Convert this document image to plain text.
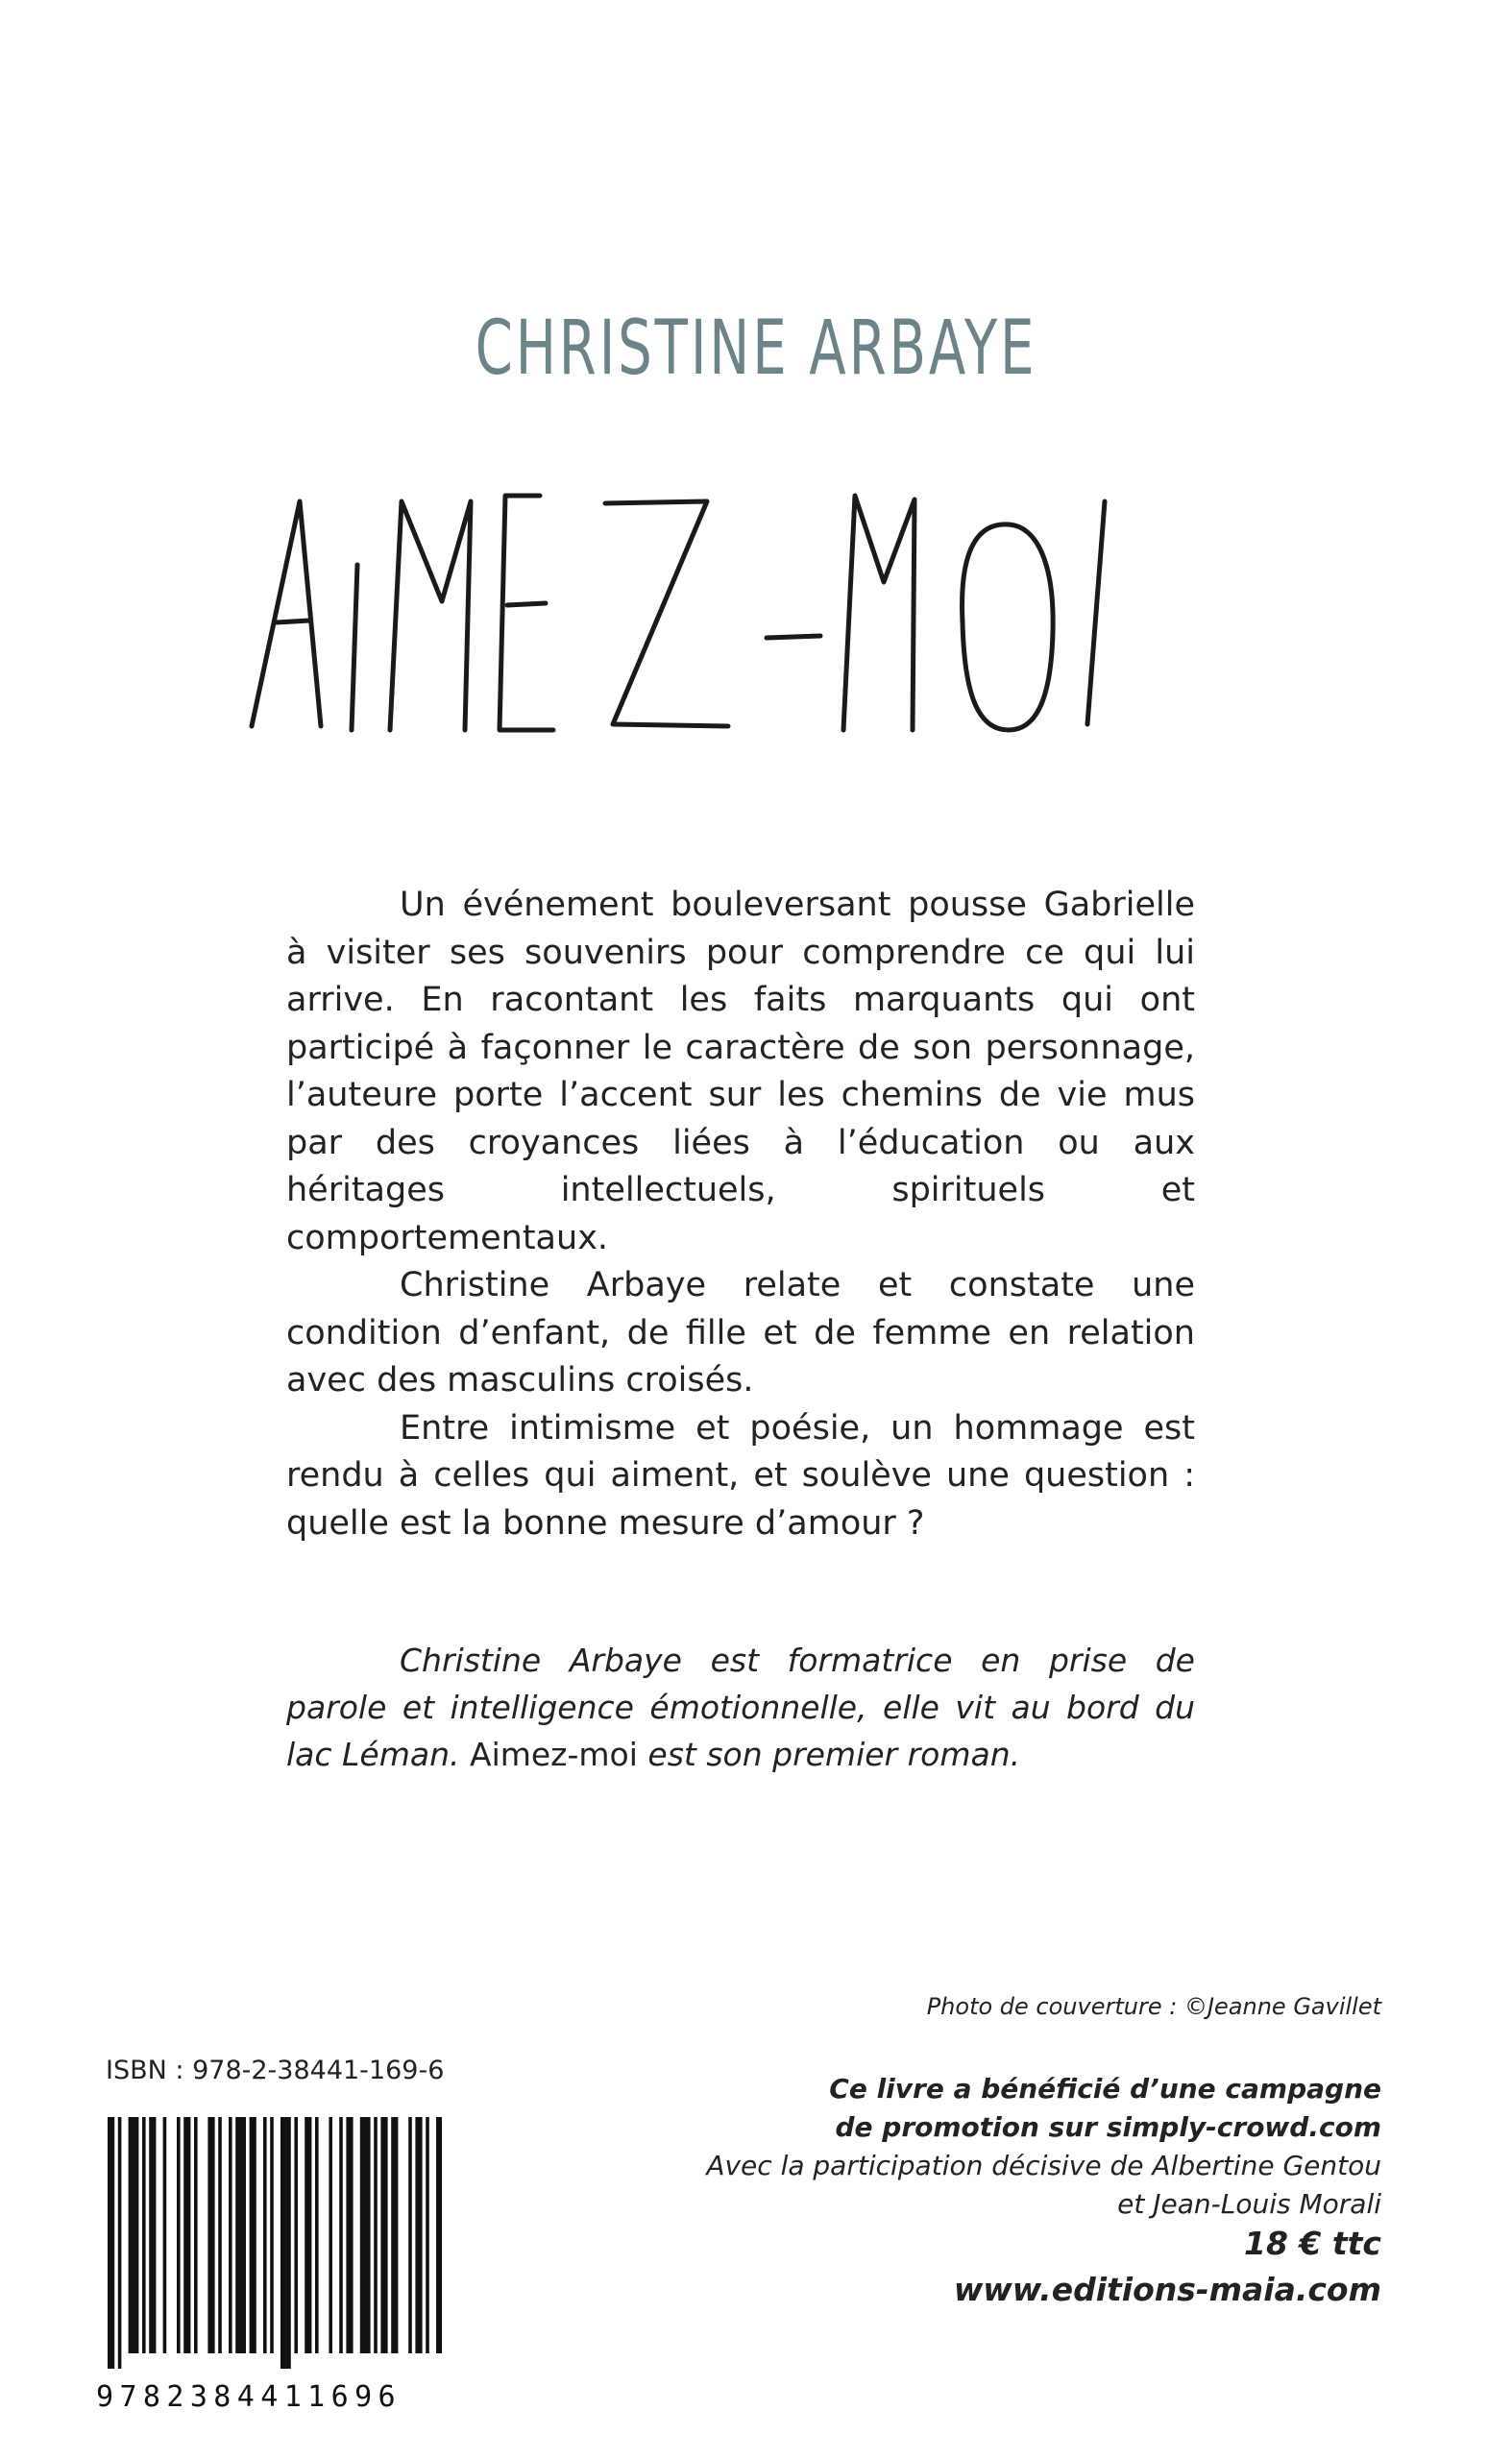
CHRISTINE ARBAYE

Un événement bouleversant pousse Gabrielle à visiter ses souvenirs pour comprendre ce qui lui arrive. En racontant les faits marquants qui ont participé à façonner le caractère de son personnage, l’auteure porte l’accent sur les chemins de vie mus par des croyances liées à l’éducation ou aux héritages intellectuels, spirituels et comportementaux.

Christine Arbaye relate et constate une condition d’enfant, de fille et de femme en relation avec des masculins croisés.

Entre intimisme et poésie, un hommage est rendu à celles qui aiment, et soulève une question : quelle est la bonne mesure d’amour ?

Christine Arbaye est formatrice en prise de parole et intelligence émotionnelle, elle vit au bord du lac Léman. Aimez-moi est son premier roman.

Photo de couverture : ©Jeanne Gavillet
ISBN : 978-2-38441-169-6
9782384411696
Ce livre a bénéficié d’une campagne
de promotion sur simply-crowd.com
Avec la participation décisive de Albertine Gentou
et Jean-Louis Morali
18 € ttc
www.editions-maia.com
